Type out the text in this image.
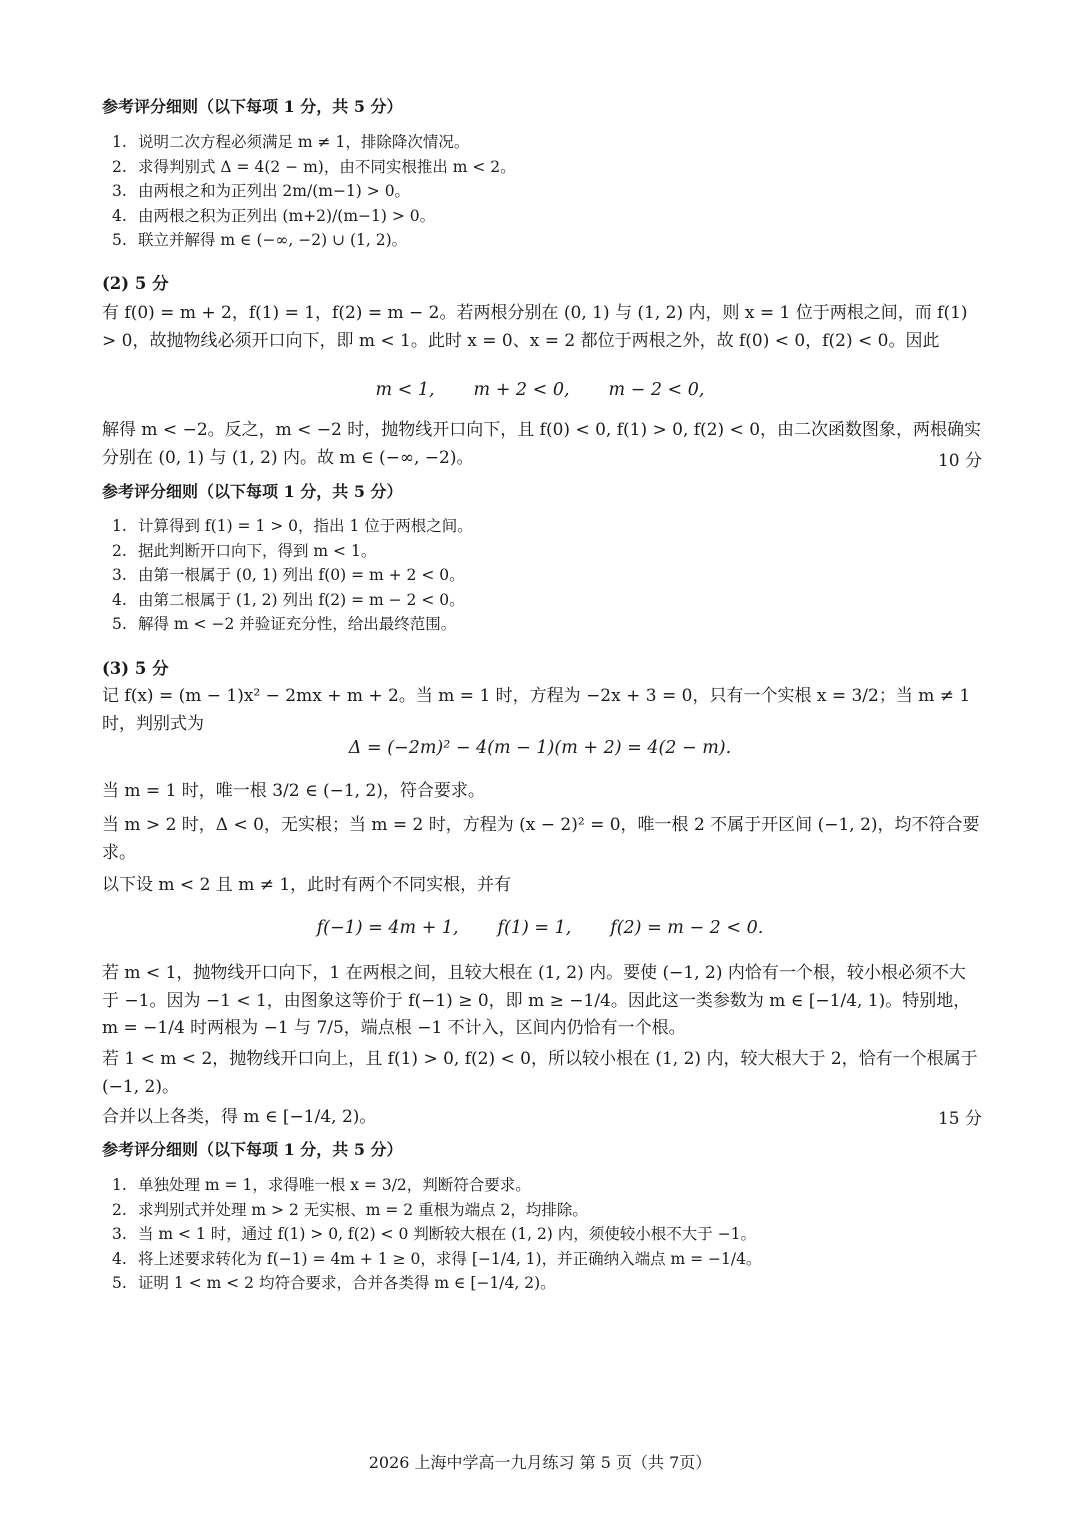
参考评分细则（以下每项 1 分，共 5 分）
1. 说明二次方程必须满足 m ≠ 1，排除降次情况。
2. 求得判别式 Δ = 4(2 − m)，由不同实根推出 m < 2。
3. 由两根之和为正列出 2m/(m−1) > 0。
4. 由两根之积为正列出 (m+2)/(m−1) > 0。
5. 联立并解得 m ∈ (−∞, −2) ∪ (1, 2)。
(2) 5 分
有 f(0) = m + 2，f(1) = 1，f(2) = m − 2。若两根分别在 (0, 1) 与 (1, 2) 内，则 x = 1 位于两根之间，而 f(1) > 0，故抛物线必须开口向下，即 m < 1。此时 x = 0、x = 2 都位于两根之外，故 f(0) < 0，f(2) < 0。因此
m < 1,       m + 2 < 0,       m − 2 < 0,
解得 m < −2。反之，m < −2 时，抛物线开口向下，且 f(0) < 0, f(1) > 0, f(2) < 0，由二次函数图象，两根确实分别在 (0, 1) 与 (1, 2) 内。故 m ∈ (−∞, −2)。	10 分
参考评分细则（以下每项 1 分，共 5 分）
1. 计算得到 f(1) = 1 > 0，指出 1 位于两根之间。
2. 据此判断开口向下，得到 m < 1。
3. 由第一根属于 (0, 1) 列出 f(0) = m + 2 < 0。
4. 由第二根属于 (1, 2) 列出 f(2) = m − 2 < 0。
5. 解得 m < −2 并验证充分性，给出最终范围。
(3) 5 分
记 f(x) = (m − 1)x² − 2mx + m + 2。当 m = 1 时，方程为 −2x + 3 = 0，只有一个实根 x = 3/2；当 m ≠ 1 时，判别式为
Δ = (−2m)² − 4(m − 1)(m + 2) = 4(2 − m).
当 m = 1 时，唯一根 3/2 ∈ (−1, 2)，符合要求。
当 m > 2 时，Δ < 0，无实根；当 m = 2 时，方程为 (x − 2)² = 0，唯一根 2 不属于开区间 (−1, 2)，均不符合要求。
以下设 m < 2 且 m ≠ 1，此时有两个不同实根，并有
f(−1) = 4m + 1,       f(1) = 1,       f(2) = m − 2 < 0.
若 m < 1，抛物线开口向下，1 在两根之间，且较大根在 (1, 2) 内。要使 (−1, 2) 内恰有一个根，较小根必须不大于 −1。因为 −1 < 1，由图象这等价于 f(−1) ≥ 0，即 m ≥ −1/4。因此这一类参数为 m ∈ [−1/4, 1)。特别地，m = −1/4 时两根为 −1 与 7/5，端点根 −1 不计入，区间内仍恰有一个根。
若 1 < m < 2，抛物线开口向上，且 f(1) > 0, f(2) < 0，所以较小根在 (1, 2) 内，较大根大于 2，恰有一个根属于 (−1, 2)。
合并以上各类，得 m ∈ [−1/4, 2)。	15 分
参考评分细则（以下每项 1 分，共 5 分）
1. 单独处理 m = 1，求得唯一根 x = 3/2，判断符合要求。
2. 求判别式并处理 m > 2 无实根、m = 2 重根为端点 2，均排除。
3. 当 m < 1 时，通过 f(1) > 0, f(2) < 0 判断较大根在 (1, 2) 内，须使较小根不大于 −1。
4. 将上述要求转化为 f(−1) = 4m + 1 ≥ 0，求得 [−1/4, 1)，并正确纳入端点 m = −1/4。
5. 证明 1 < m < 2 均符合要求，合并各类得 m ∈ [−1/4, 2)。
2026 上海中学高一九月练习 第 5 页（共 7页）
